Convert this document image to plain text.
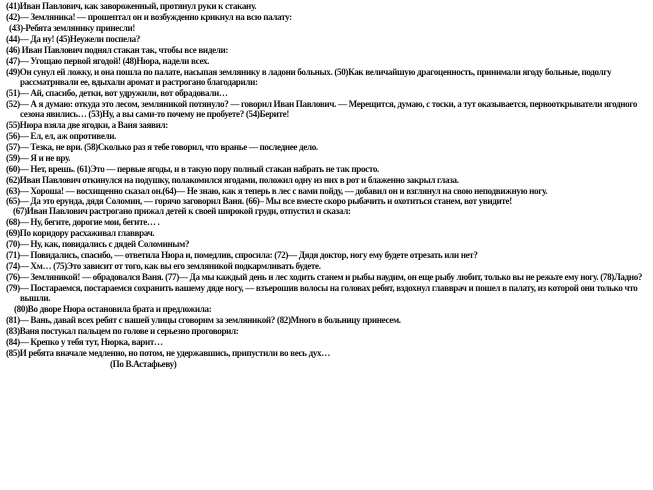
(41)Иван Павлович, как завороженный, протянул руки к стакану.
(42)— Земляника! — прошептал он и возбужденно крикнул на всю палату:
(43)-Ребята землянику принесли!
(44)— Да ну! (45)Неужели поспела?
(46) Иван Павлович поднял стакан так, чтобы все видели:
(47)— Угощаю первой ягодой! (48)Нюра, надели всех.
(49)Он сунул ей ложку, и она пошла по палате, насыпая землянику в ладони больных. (50)Как величайшую драгоценность, принимали ягоду больные, подолгу рассматривали ее, вдыхали аромат и растрогано благодарили:
(51)— Ай, спасибо, детки, вот удружили, вот обрадовали…
(52)— А я думаю: откуда это лесом, земляникой потянуло? — говорил Иван Павлович. — Мерещится, думаю, с тоски, а тут оказывается, первооткрыватели ягодного сезона явились… (53)Ну, а вы сами-то почему не пробуете? (54)Берите!
(55)Нюра взяла две ягодки, а Ваня заявил:
(56)— Ел, ел, аж опротивели.
(57)— Тезка, не ври. (58)Сколько раз я тебе говорил, что вранье — последнее дело.
(59)— Я и не вру.
(60)— Нет, врешь. (61)Это — первые ягоды, и в такую пору полный стакан набрать не так просто.
(62)Иван Павлович откинулся на подушку, полакомился ягодами, положил одну из них в рот и блаженно закрыл глаза.
(63)— Хороша! — восхищенно сказал он.(64)— Не знаю, как я теперь в лес с вами пойду, — добавил он и взглянул на свою неподвижную ногу.
(65)— Да это ерунда, дядя Соломин, — горячо заговорил Ваня. (66)– Мы все вместе скоро рыбачить и охотиться станем, вот увидите!
(67)Иван Павлович растрогано прижал детей к своей широкой груди, отпустил и сказал:
(68)— Ну, бегите, дорогие мои, бегите… .
(69)По коридору расхаживал главврач.
(70)— Ну, как, повидались с дядей Соломиным?
(71)— Повидались, спасибо, — ответила Нюра и, помедлив, спросила: (72)— Дядя доктор, ногу ему будете отрезать или нет?
(74)— Хм… (75)Это зависит от того, как вы его земляникой подкармливать будете.
(76)— Земляникой! — обрадовался Ваня. (77)— Да мы каждый день и лес ходить станем и рыбы наудим, он еще рыбу любит, только вы не режьте ему ногу. (78)Ладно?
(79)— Постараемся, постараемся сохранить вашему дяде ногу, — взъерошив волосы на головах ребят, вздохнул главврач и пошел в палату, из которой они только что вышли.
(80)Во дворе Нюра остановила брата и предложила:
(81)— Вань, давай всех ребят с нашей улицы сговорим за земляникой? (82)Много в больницу принесем.
(83)Ваня постукал пальцем по голове и серьезно проговорил:
(84)— Крепко у тебя тут, Нюрка, варит…
(85)И ребята вначале медленно, но потом, не удержавшись, припустили во весь дух…
(По В.Астафьеву)
